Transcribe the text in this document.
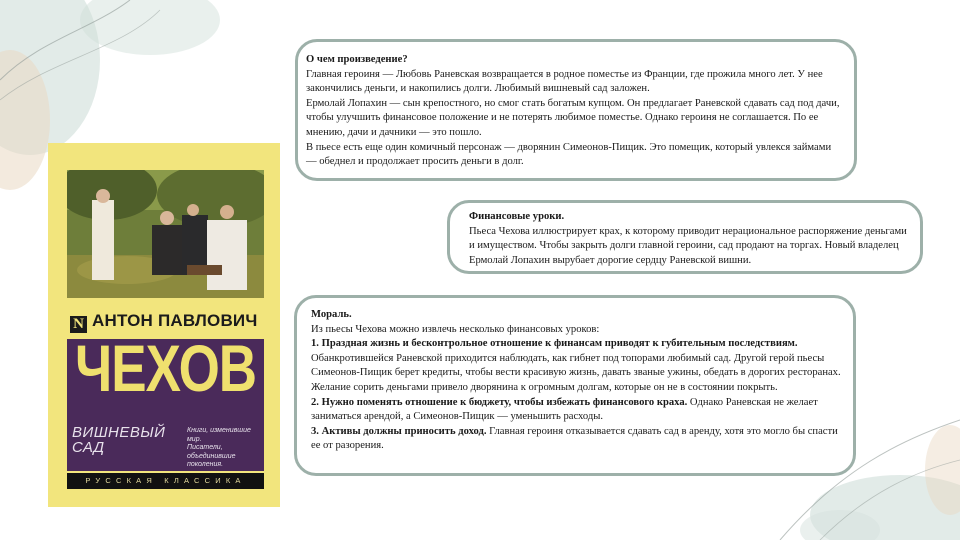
N АНТОН ПАВЛОВИЧ
ЧЕХОВ
ВИШНЕВЫЙ
САД
Книги, изменившие мир.
Писатели, объединившие
поколения.
РУССКАЯ КЛАССИКА

О чем произведение?

Главная героиня — Любовь Раневская возвращается в родное поместье из Франции, где прожила много лет. У нее закончились деньги, и накопились долги. Любимый вишневый сад заложен.

Ермолай Лопахин — сын крепостного, но смог стать богатым купцом. Он предлагает Раневской сдавать сад под дачи, чтобы улучшить финансовое положение и не потерять любимое поместье. Однако героиня не соглашается. По ее мнению, дачи и дачники — это пошло.

В пьесе есть еще один комичный персонаж — дворянин Симеонов-Пищик. Это помещик, который увлекся займами — обеднел и продолжает просить деньги в долг.

Финансовые уроки.

Пьеса Чехова иллюстрирует крах, к которому приводит нерациональное распоряжение деньгами и имуществом. Чтобы закрыть долги главной героини, сад продают на торгах. Новый владелец Ермолай Лопахин вырубает дорогие сердцу Раневской вишни.

Мораль.

Из пьесы Чехова можно извлечь несколько финансовых уроков:

1. Праздная жизнь и бесконтрольное отношение к финансам приводят к губительным последствиям. Обанкротившейся Раневской приходится наблюдать, как гибнет под топорами любимый сад. Другой герой пьесы Симеонов-Пищик берет кредиты, чтобы вести красивую жизнь, давать званые ужины, обедать в дорогих ресторанах. Желание сорить деньгами привело дворянина к огромным долгам, которые он не в состоянии покрыть.

2. Нужно поменять отношение к бюджету, чтобы избежать финансового краха. Однако Раневская не желает заниматься арендой, а Симеонов-Пищик — уменьшить расходы.

3. Активы должны приносить доход. Главная героиня отказывается сдавать сад в аренду, хотя это могло бы спасти ее от разорения.
